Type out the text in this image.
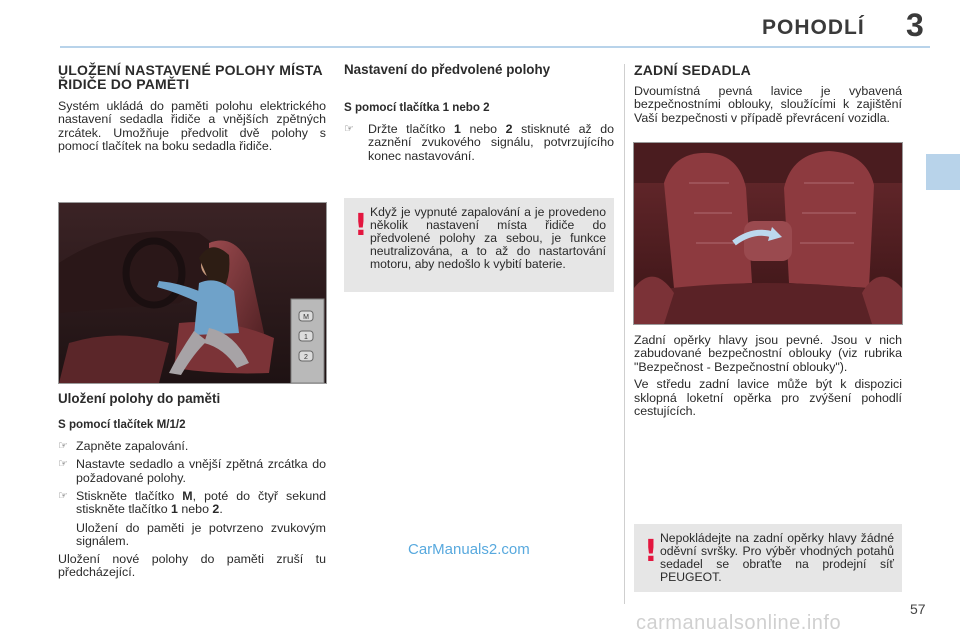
POHODLÍ 3
ULOŽENÍ NASTAVENÉ POLOHY MÍSTA ŘIDIČE DO PAMĚTI

Systém ukládá do paměti polohu elektrického nastavení sedadla řidiče a vnějších zpětných zrcátek. Umožňuje předvolit dvě polohy s pomocí tlačítek na boku sedadla řidiče.

M
1
2
Uložení polohy do paměti
S pomocí tlačítek M/1/2
☞ Zapněte zapalování.
☞ Nastavte sedadlo a vnější zpětná zrcátka do požadované polohy.
☞ Stiskněte tlačítko M, poté do čtyř sekund stiskněte tlačítko 1 nebo 2.

Uložení do paměti je potvrzeno zvukovým signálem.

Uložení nové polohy do paměti zruší tu předcházející.

Nastavení do předvolené polohy
S pomocí tlačítka 1 nebo 2
☞ Držte tlačítko 1 nebo 2 stisknuté až do zaznění zvukového signálu, potvrzujícího konec nastavování.
! Když je vypnuté zapalování a je provedeno několik nastavení místa řidiče do předvolené polohy za sebou, je funkce neutralizována, a to až do nastartování motoru, aby nedošlo k vybití baterie.
CarManuals2.com
ZADNÍ SEDADLA

Dvoumístná pevná lavice je vybavená bezpečnostními oblouky, sloužícími k zajištění Vaší bezpečnosti v případě převrácení vozidla.

Zadní opěrky hlavy jsou pevné. Jsou v nich zabudované bezpečnostní oblouky (viz rubrika "Bezpečnost - Bezpečnostní oblouky").

Ve středu zadní lavice může být k dispozici sklopná loketní opěrka pro zvýšení pohodlí cestujících.

! Nepokládejte na zadní opěrky hlavy žádné oděvní svršky. Pro výběr vhodných potahů sedadel se obraťte na prodejní síť PEUGEOT.
57
carmanualsonline.info
